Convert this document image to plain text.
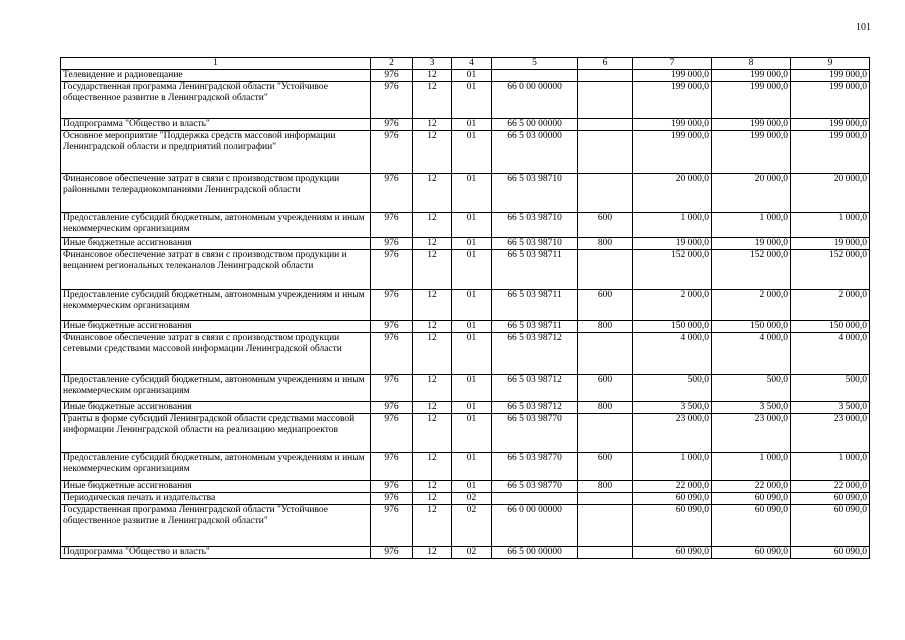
101
1	2	3	4	5	6	7	8	9
Телевидение и радиовещание	976	12	01			199 000,0	199 000,0	199 000,0
Государственная программа Ленинградской области "Устойчивое общественное развитие в Ленинградской области"	976	12	01	66 0 00 00000		199 000,0	199 000,0	199 000,0
Подпрограмма "Общество и власть"	976	12	01	66 5 00 00000		199 000,0	199 000,0	199 000,0
Основное мероприятие "Поддержка средств массовой информации Ленинградской области и предприятий полиграфии"	976	12	01	66 5 03 00000		199 000,0	199 000,0	199 000,0
Финансовое обеспечение затрат в связи с производством продукции районными телерадиокомпаниями Ленинградской области	976	12	01	66 5 03 98710		20 000,0	20 000,0	20 000,0
Предоставление субсидий бюджетным, автономным учреждениям и иным некоммерческим организациям	976	12	01	66 5 03 98710	600	1 000,0	1 000,0	1 000,0
Иные бюджетные ассигнования	976	12	01	66 5 03 98710	800	19 000,0	19 000,0	19 000,0
Финансовое обеспечение затрат в связи с производством продукции и вещанием региональных телеканалов Ленинградской области	976	12	01	66 5 03 98711		152 000,0	152 000,0	152 000,0
Предоставление субсидий бюджетным, автономным учреждениям и иным некоммерческим организациям	976	12	01	66 5 03 98711	600	2 000,0	2 000,0	2 000,0
Иные бюджетные ассигнования	976	12	01	66 5 03 98711	800	150 000,0	150 000,0	150 000,0
Финансовое обеспечение затрат в связи с производством продукции сетевыми средствами массовой информации Ленинградской области	976	12	01	66 5 03 98712		4 000,0	4 000,0	4 000,0
Предоставление субсидий бюджетным, автономным учреждениям и иным некоммерческим организациям	976	12	01	66 5 03 98712	600	500,0	500,0	500,0
Иные бюджетные ассигнования	976	12	01	66 5 03 98712	800	3 500,0	3 500,0	3 500,0
Гранты в форме субсидий Ленинградской области средствами массовой информации Ленинградской области на реализацию медиапроектов	976	12	01	66 5 03 98770		23 000,0	23 000,0	23 000,0
Предоставление субсидий бюджетным, автономным учреждениям и иным некоммерческим организациям	976	12	01	66 5 03 98770	600	1 000,0	1 000,0	1 000,0
Иные бюджетные ассигнования	976	12	01	66 5 03 98770	800	22 000,0	22 000,0	22 000,0
Периодическая печать и издательства	976	12	02			60 090,0	60 090,0	60 090,0
Государственная программа Ленинградской области "Устойчивое общественное развитие в Ленинградской области"	976	12	02	66 0 00 00000		60 090,0	60 090,0	60 090,0
Подпрограмма "Общество и власть"	976	12	02	66 5 00 00000		60 090,0	60 090,0	60 090,0
